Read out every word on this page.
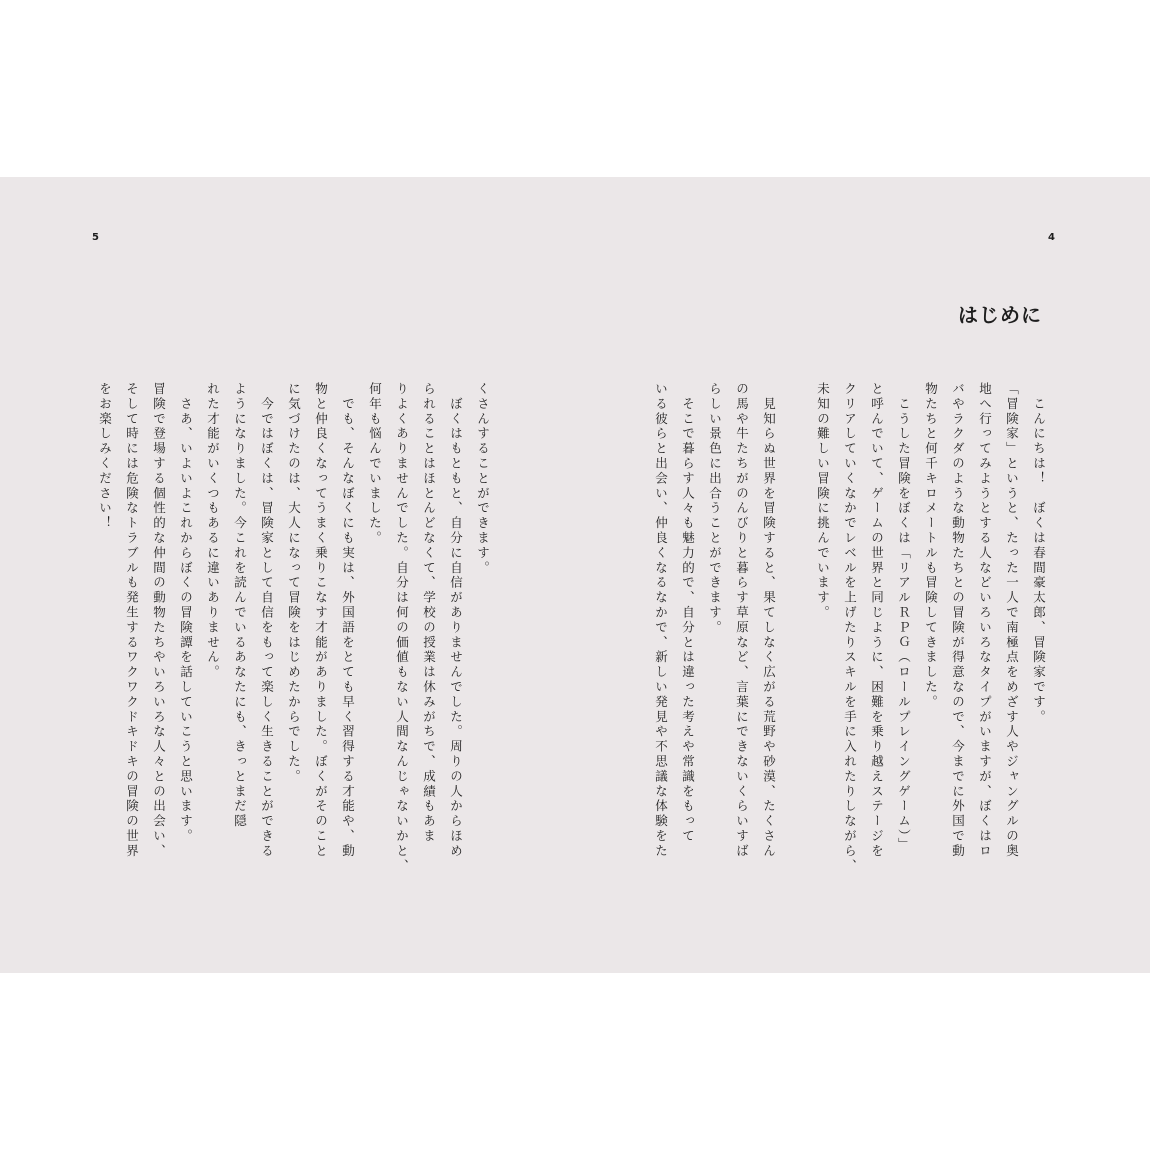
5	4
はじめに
　こんにちは！　ぼくは春間豪太郎、冒険家です。
「冒険家」というと、たった一人で南極点をめざす人やジャングルの奥
地へ行ってみようとする人などいろいろなタイプがいますが、ぼくはロ
バやラクダのような動物たちとの冒険が得意なので、今までに外国で動
物たちと何千キロメートルも冒険してきました。
　こうした冒険をぼくは「リアルＲＰＧ（ロールプレイングゲーム）」
と呼んでいて、ゲームの世界と同じように、困難を乗り越えステージを
クリアしていくなかでレベルを上げたりスキルを手に入れたりしながら、
未知の難しい冒険に挑んでいます。
　見知らぬ世界を冒険すると、果てしなく広がる荒野や砂漠、たくさん
の馬や牛たちがのんびりと暮らす草原など、言葉にできないくらいすば
らしい景色に出合うことができます。
　そこで暮らす人々も魅力的で、自分とは違った考えや常識をもって
いる彼らと出会い、仲良くなるなかで、新しい発見や不思議な体験をた
くさんすることができます。
　ぼくはもともと、自分に自信がありませんでした。周りの人からほめ
られることはほとんどなくて、学校の授業は休みがちで、成績もあま
りよくありませんでした。自分は何の価値もない人間なんじゃないかと、
何年も悩んでいました。
　でも、そんなぼくにも実は、外国語をとても早く習得する才能や、動
物と仲良くなってうまく乗りこなす才能がありました。ぼくがそのこと
に気づけたのは、大人になって冒険をはじめたからでした。
　今ではぼくは、冒険家として自信をもって楽しく生きることができる
ようになりました。今これを読んでいるあなたにも、きっとまだ隠
れた才能がいくつもあるに違いありません。
　さあ、いよいよこれからぼくの冒険譚を話していこうと思います。
冒険で登場する個性的な仲間の動物たちやいろいろな人々との出会い、
そして時には危険なトラブルも発生するワクワクドキドキの冒険の世界
をお楽しみください！
